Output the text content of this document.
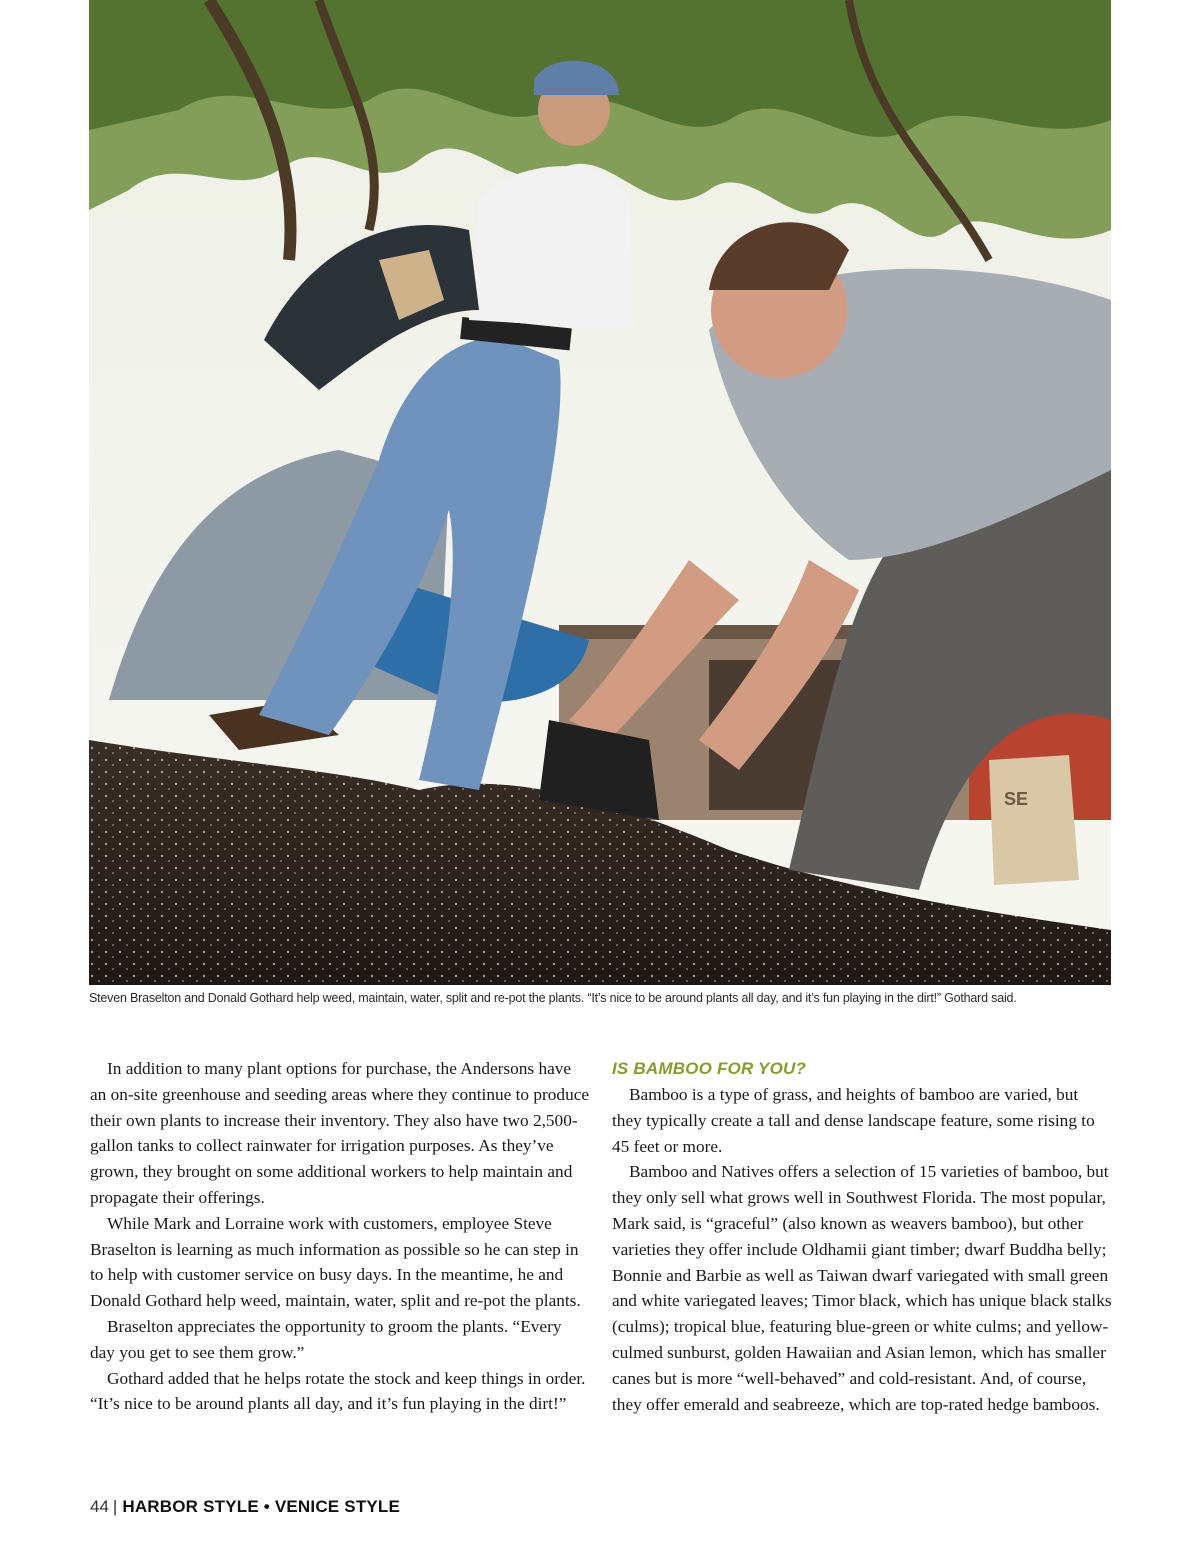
SE
Steven Braselton and Donald Gothard help weed, maintain, water, split and re-pot the plants. “It’s nice to be around plants all day, and it’s fun playing in the dirt!” Gothard said.

In addition to many plant options for purchase, the Andersons have an on-site greenhouse and seeding areas where they continue to produce their own plants to increase their inventory. They also have two 2,500-gallon tanks to collect rainwater for irrigation purposes. As they’ve grown, they brought on some additional workers to help maintain and propagate their offerings.

While Mark and Lorraine work with customers, employee Steve Braselton is learning as much information as possible so he can step in to help with customer service on busy days. In the meantime, he and Donald Gothard help weed, maintain, water, split and re-pot the plants.

Braselton appreciates the opportunity to groom the plants. “Every day you get to see them grow.”

Gothard added that he helps rotate the stock and keep things in order. “It’s nice to be around plants all day, and it’s fun playing in the dirt!”

IS BAMBOO FOR YOU?

Bamboo is a type of grass, and heights of bamboo are varied, but they typically create a tall and dense landscape feature, some rising to 45 feet or more.

Bamboo and Natives offers a selection of 15 varieties of bamboo, but they only sell what grows well in Southwest Florida. The most popular, Mark said, is “graceful” (also known as weavers bamboo), but other varieties they offer include Oldhamii giant timber; dwarf Buddha belly; Bonnie and Barbie as well as Taiwan dwarf variegated with small green and white variegated leaves; Timor black, which has unique black stalks (culms); tropical blue, featuring blue-green or white culms; and yellow-culmed sunburst, golden Hawaiian and Asian lemon, which has smaller canes but is more “well-behaved” and cold-resistant. And, of course, they offer emerald and seabreeze, which are top-rated hedge bamboos.

44 | HARBOR STYLE • VENICE STYLE
